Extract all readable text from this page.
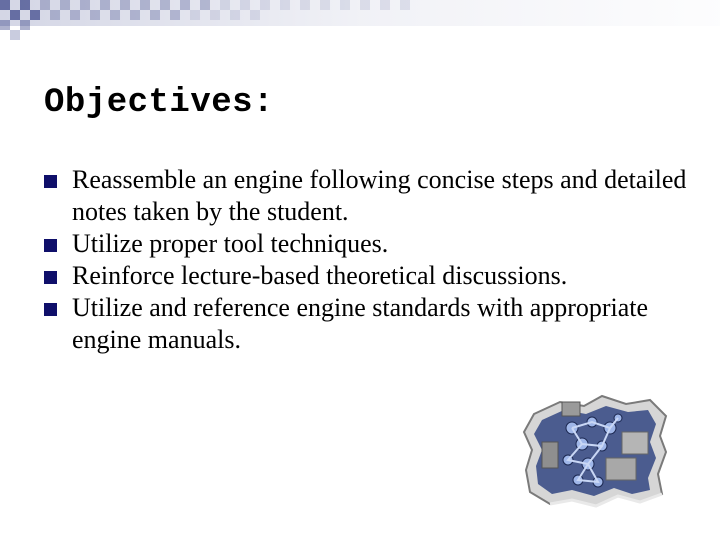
Objectives:
Reassemble an engine following concise steps and detailed notes taken by the student.
Utilize proper tool techniques.
Reinforce lecture-based theoretical discussions.
Utilize and reference engine standards with appropriate engine manuals.
